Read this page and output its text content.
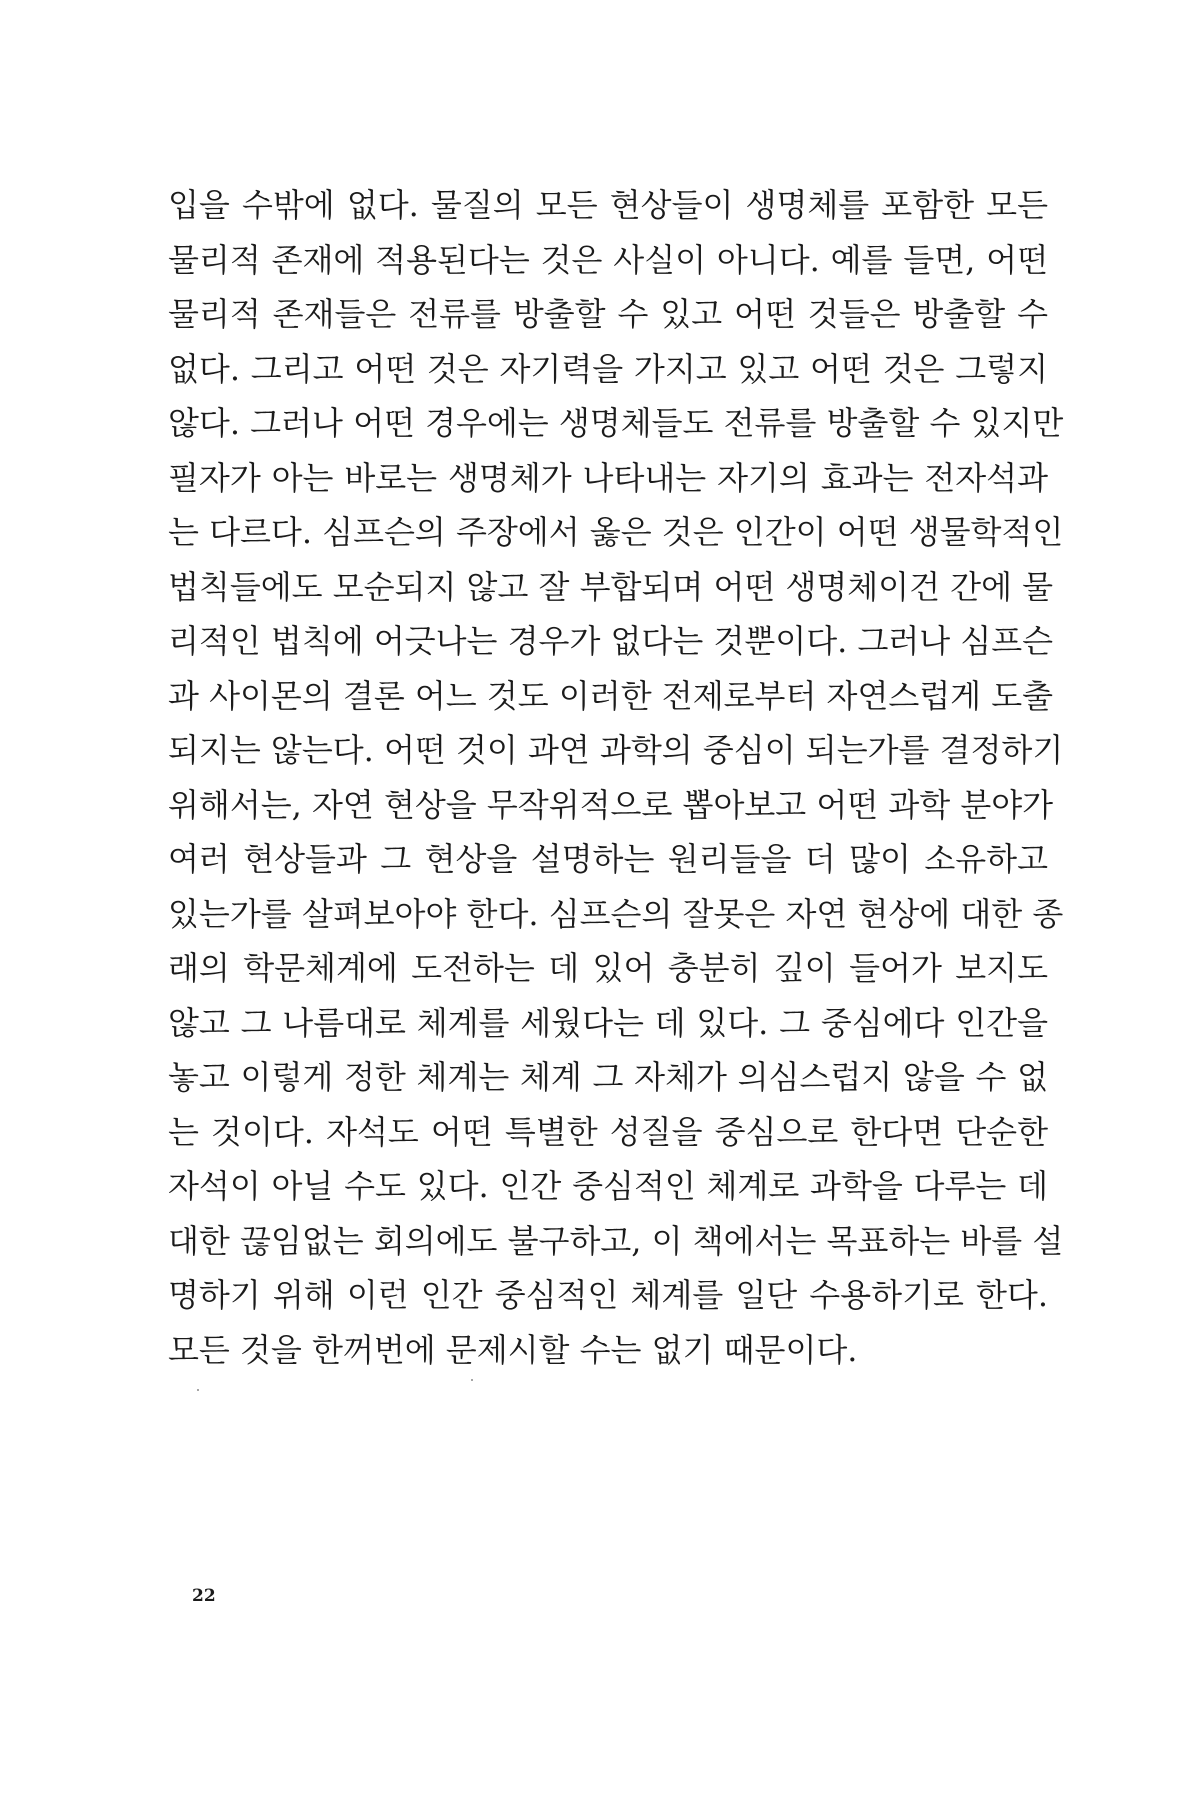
입을 수밖에 없다. 물질의 모든 현상들이 생명체를 포함한 모든
물리적 존재에 적용된다는 것은 사실이 아니다. 예를 들면, 어떤
물리적 존재들은 전류를 방출할 수 있고 어떤 것들은 방출할 수
없다. 그리고 어떤 것은 자기력을 가지고 있고 어떤 것은 그렇지
않다. 그러나 어떤 경우에는 생명체들도 전류를 방출할 수 있지만
필자가 아는 바로는 생명체가 나타내는 자기의 효과는 전자석과
는 다르다. 심프슨의 주장에서 옳은 것은 인간이 어떤 생물학적인
법칙들에도 모순되지 않고 잘 부합되며 어떤 생명체이건 간에 물
리적인 법칙에 어긋나는 경우가 없다는 것뿐이다. 그러나 심프슨
과 사이몬의 결론 어느 것도 이러한 전제로부터 자연스럽게 도출
되지는 않는다. 어떤 것이 과연 과학의 중심이 되는가를 결정하기
위해서는, 자연 현상을 무작위적으로 뽑아보고 어떤 과학 분야가
여러 현상들과 그 현상을 설명하는 원리들을 더 많이 소유하고
있는가를 살펴보아야 한다. 심프슨의 잘못은 자연 현상에 대한 종
래의 학문체계에 도전하는 데 있어 충분히 깊이 들어가 보지도
않고 그 나름대로 체계를 세웠다는 데 있다. 그 중심에다 인간을
놓고 이렇게 정한 체계는 체계 그 자체가 의심스럽지 않을 수 없
는 것이다. 자석도 어떤 특별한 성질을 중심으로 한다면 단순한
자석이 아닐 수도 있다. 인간 중심적인 체계로 과학을 다루는 데
대한 끊임없는 회의에도 불구하고, 이 책에서는 목표하는 바를 설
명하기 위해 이런 인간 중심적인 체계를 일단 수용하기로 한다.
모든 것을 한꺼번에 문제시할 수는 없기 때문이다.
22
